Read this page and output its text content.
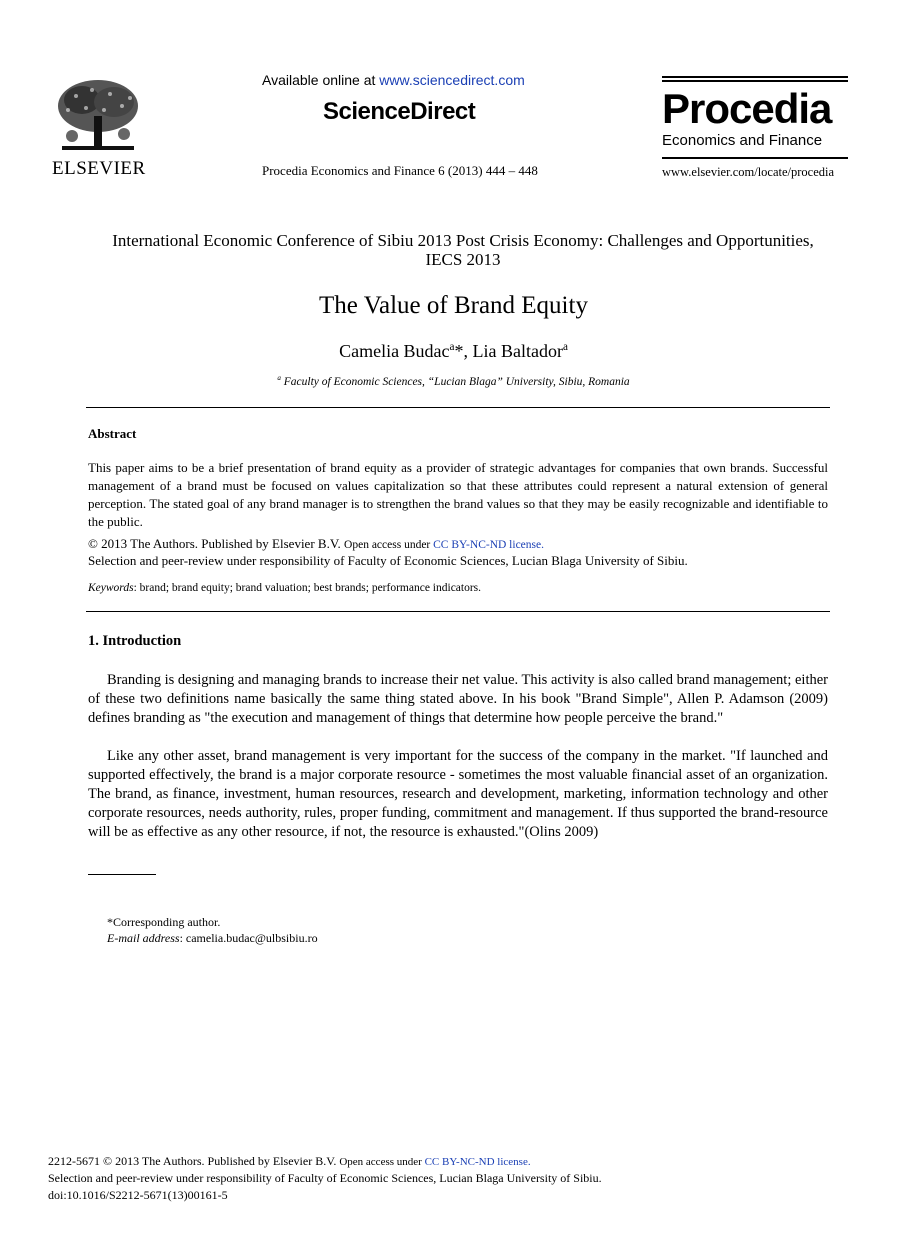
ELSEVIER
Available online at www.sciencedirect.com
ScienceDirect
Procedia Economics and Finance 6 (2013) 444 – 448
Procedia
Economics and Finance
www.elsevier.com/locate/procedia
International Economic Conference of Sibiu 2013 Post Crisis Economy: Challenges and Opportunities, IECS 2013
The Value of Brand Equity
Camelia Budac$^a$*, Lia Baltador$^a$
$^a$ Faculty of Economic Sciences, “Lucian Blaga” University, Sibiu, Romania
Abstract
This paper aims to be a brief presentation of brand equity as a provider of strategic advantages for companies that own brands. Successful management of a brand must be focused on values capitalization so that these attributes could represent a natural extension of general perception. The stated goal of any brand manager is to strengthen the brand values so that they may be easily recognizable and identifiable to the public.
© 2013 The Authors. Published by Elsevier B.V. Open access under CC BY-NC-ND license.
Selection and peer-review under responsibility of Faculty of Economic Sciences, Lucian Blaga University of Sibiu.
Keywords: brand; brand equity; brand valuation; best brands; performance indicators.
1. Introduction
Branding is designing and managing brands to increase their net value. This activity is also called brand management; either of these two definitions name basically the same thing stated above. In his book "Brand Simple", Allen P. Adamson (2009) defines branding as "the execution and management of things that determine how people perceive the brand."
Like any other asset, brand management is very important for the success of the company in the market. "If launched and supported effectively, the brand is a major corporate resource - sometimes the most valuable financial asset of an organization. The brand, as finance, investment, human resources, research and development, marketing, information technology and other corporate resources, needs authority, rules, proper funding, commitment and management. If thus supported the brand-resource will be as effective as any other resource, if not, the resource is exhausted."(Olins 2009)
*Corresponding author.
E-mail address: camelia.budac@ulbsibiu.ro
2212-5671 © 2013 The Authors. Published by Elsevier B.V. Open access under CC BY-NC-ND license.
Selection and peer-review under responsibility of Faculty of Economic Sciences, Lucian Blaga University of Sibiu.
doi:10.1016/S2212-5671(13)00161-5
